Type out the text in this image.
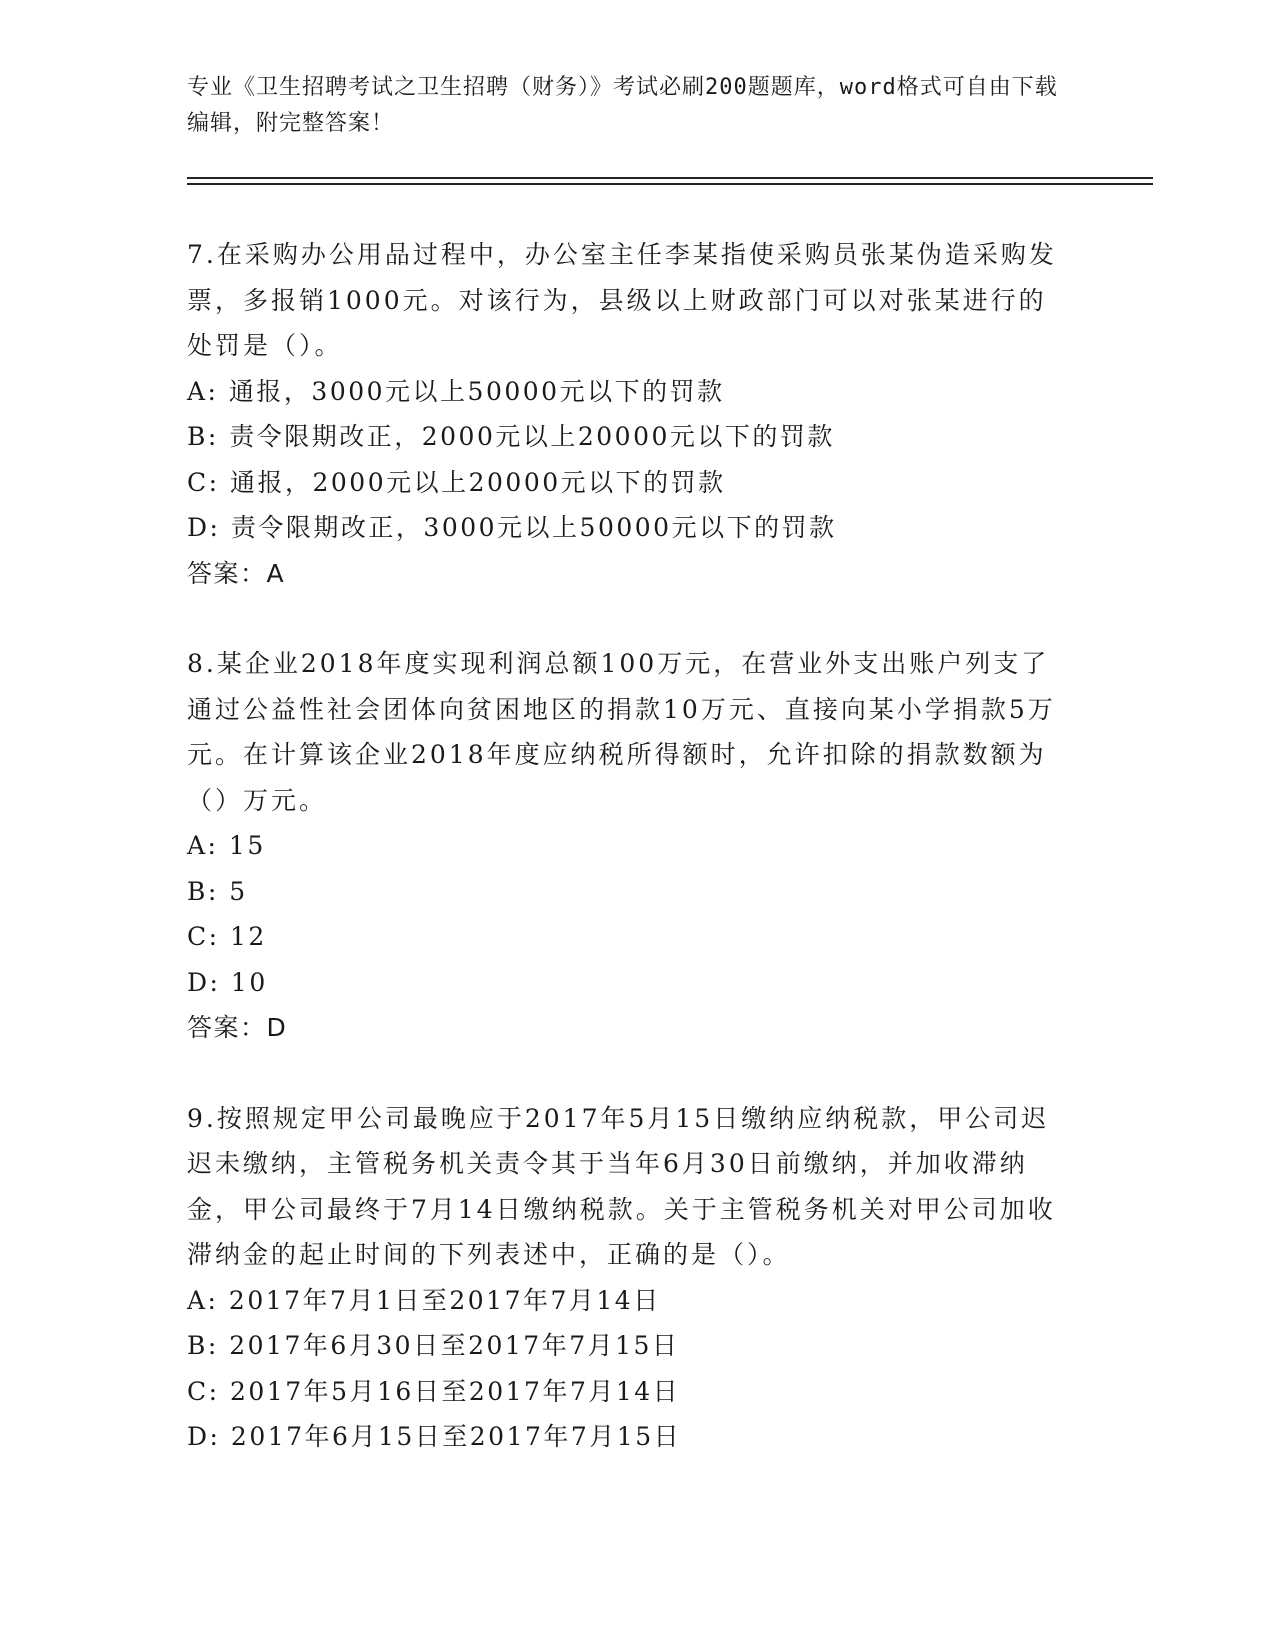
专业《卫生招聘考试之卫生招聘（财务）》考试必刷200题题库，word格式可自由下载编辑，附完整答案！

7.在采购办公用品过程中，办公室主任李某指使采购员张某伪造采购发票，多报销1000元。对该行为，县级以上财政部门可以对张某进行的处罚是（）。

A: 通报，3000元以上50000元以下的罚款

B: 责令限期改正，2000元以上20000元以下的罚款

C: 通报，2000元以上20000元以下的罚款

D: 责令限期改正，3000元以上50000元以下的罚款

答案：A

8.某企业2018年度实现利润总额100万元，在营业外支出账户列支了通过公益性社会团体向贫困地区的捐款10万元、直接向某小学捐款5万元。在计算该企业2018年度应纳税所得额时，允许扣除的捐款数额为（）万元。

A: 15

B: 5

C: 12

D: 10

答案：D

9.按照规定甲公司最晚应于2017年5月15日缴纳应纳税款，甲公司迟迟未缴纳，主管税务机关责令其于当年6月30日前缴纳，并加收滞纳金，甲公司最终于7月14日缴纳税款。关于主管税务机关对甲公司加收滞纳金的起止时间的下列表述中，正确的是（）。

A: 2017年7月1日至2017年7月14日

B: 2017年6月30日至2017年7月15日

C: 2017年5月16日至2017年7月14日

D: 2017年6月15日至2017年7月15日
